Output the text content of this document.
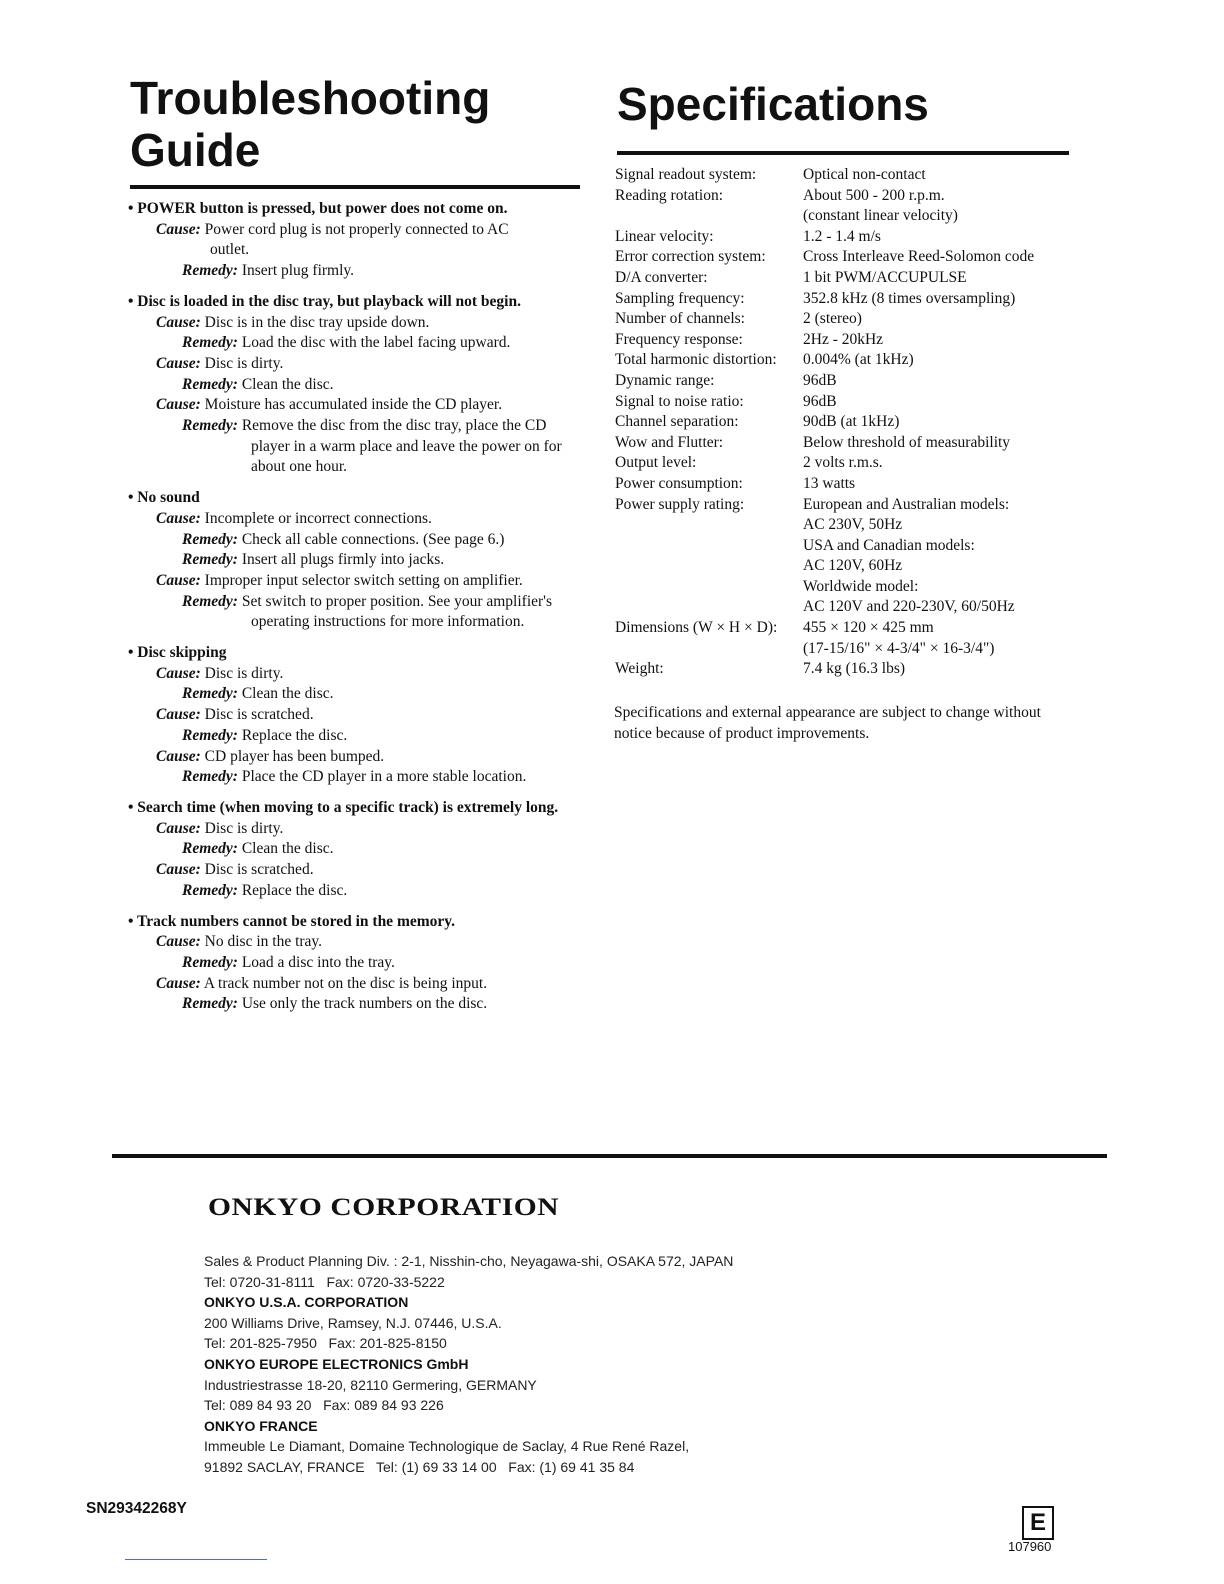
Troubleshooting
Guide
• POWER button is pressed, but power does not come on.
Cause: Power cord plug is not properly connected to AC
outlet.
Remedy: Insert plug firmly.
• Disc is loaded in the disc tray, but playback will not begin.
Cause: Disc is in the disc tray upside down.
Remedy: Load the disc with the label facing upward.
Cause: Disc is dirty.
Remedy: Clean the disc.
Cause: Moisture has accumulated inside the CD player.
Remedy: Remove the disc from the disc tray, place the CD player in a warm place and leave the power on for about one hour.
• No sound
Cause: Incomplete or incorrect connections.
Remedy: Check all cable connections. (See page 6.)
Remedy: Insert all plugs firmly into jacks.
Cause: Improper input selector switch setting on amplifier.
Remedy: Set switch to proper position. See your amplifier's operating instructions for more information.
• Disc skipping
Cause: Disc is dirty.
Remedy: Clean the disc.
Cause: Disc is scratched.
Remedy: Replace the disc.
Cause: CD player has been bumped.
Remedy: Place the CD player in a more stable location.
• Search time (when moving to a specific track) is extremely long.
Cause: Disc is dirty.
Remedy: Clean the disc.
Cause: Disc is scratched.
Remedy: Replace the disc.
• Track numbers cannot be stored in the memory.
Cause: No disc in the tray.
Remedy: Load a disc into the tray.
Cause: A track number not on the disc is being input.
Remedy: Use only the track numbers on the disc.
Specifications
Signal readout system:	Optical non-contact
Reading rotation:	About 500 - 200 r.p.m.
	(constant linear velocity)
Linear velocity:	1.2 - 1.4 m/s
Error correction system:	Cross Interleave Reed-Solomon code
D/A converter:	1 bit PWM/ACCUPULSE
Sampling frequency:	352.8 kHz (8 times oversampling)
Number of channels:	2 (stereo)
Frequency response:	2Hz - 20kHz
Total harmonic distortion:	0.004% (at 1kHz)
Dynamic range:	96dB
Signal to noise ratio:	96dB
Channel separation:	90dB (at 1kHz)
Wow and Flutter:	Below threshold of measurability
Output level:	2 volts r.m.s.
Power consumption:	13 watts
Power supply rating:	European and Australian models:
	AC 230V, 50Hz
	USA and Canadian models:
	AC 120V, 60Hz
	Worldwide model:
	AC 120V and 220-230V, 60/50Hz
Dimensions (W × H × D):	455 × 120 × 425 mm
	(17-15/16" × 4-3/4" × 16-3/4")
Weight:	7.4 kg (16.3 lbs)
Specifications and external appearance are subject to change without notice because of product improvements.
ONKYO CORPORATION
Sales & Product Planning Div. : 2-1, Nisshin-cho, Neyagawa-shi, OSAKA 572, JAPAN
Tel: 0720-31-8111   Fax: 0720-33-5222
ONKYO U.S.A. CORPORATION
200 Williams Drive, Ramsey, N.J. 07446, U.S.A.
Tel: 201-825-7950   Fax: 201-825-8150
ONKYO EUROPE ELECTRONICS GmbH
Industriestrasse 18-20, 82110 Germering, GERMANY
Tel: 089 84 93 20   Fax: 089 84 93 226
ONKYO FRANCE
Immeuble Le Diamant, Domaine Technologique de Saclay, 4 Rue René Razel,
91892 SACLAY, FRANCE   Tel: (1) 69 33 14 00   Fax: (1) 69 41 35 84
SN29342268Y
E
107960
